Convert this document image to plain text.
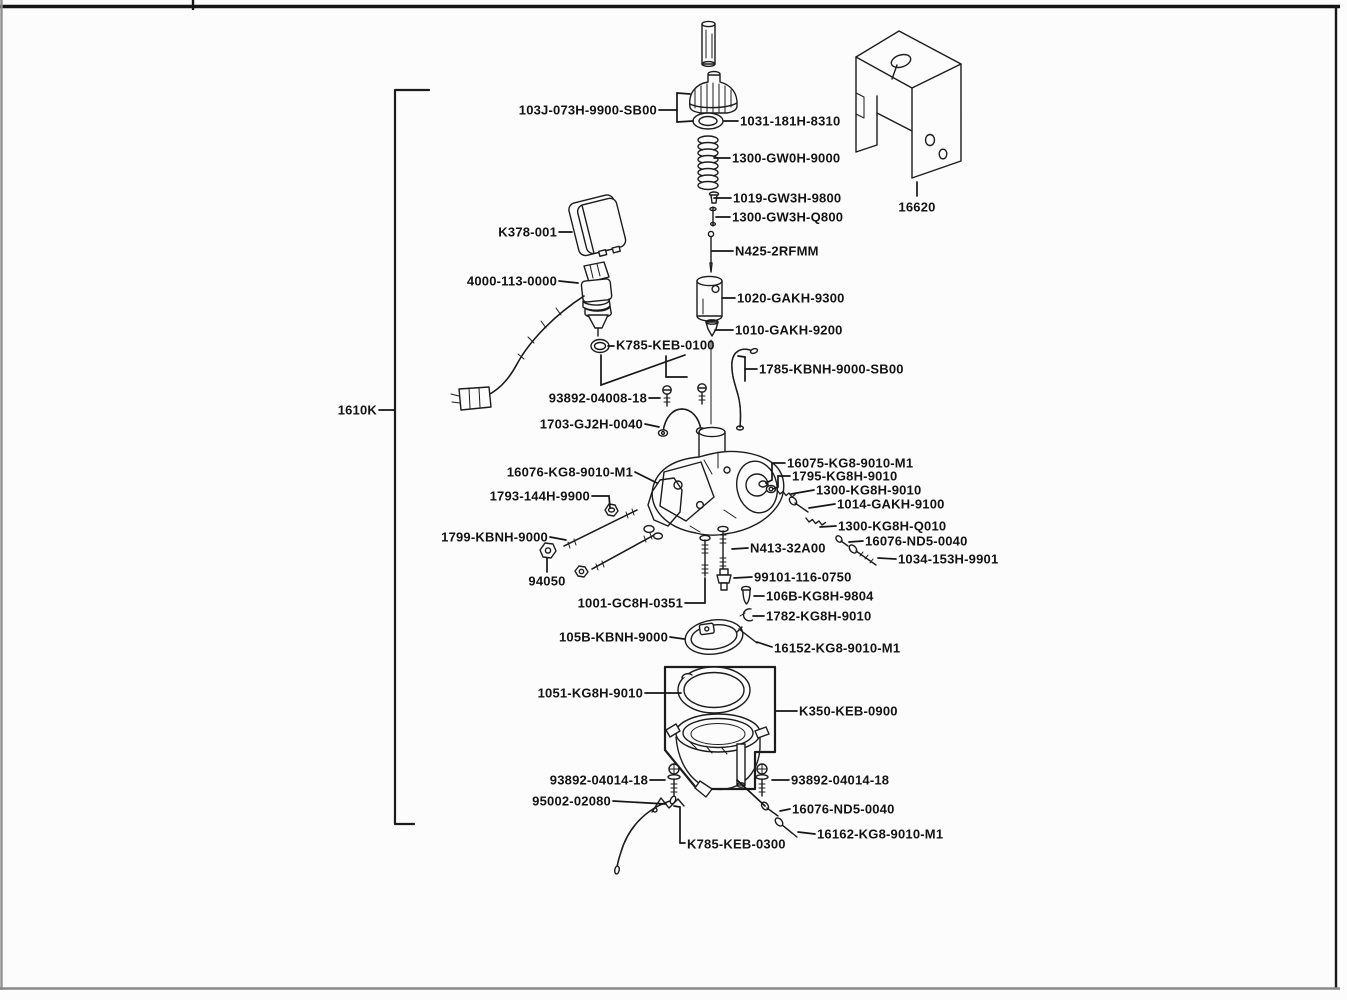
103J-073H-9900-SB00
1031-181H-8310
1300-GW0H-9000
1019-GW3H-9800
1300-GW3H-Q800
N425-2RFMM
1020-GAKH-9300
1010-GAKH-9200
K378-001
4000-113-0000
K785-KEB-0100
1785-KBNH-9000-SB00
93892-04008-18
1703-GJ2H-0040
16076-KG8-9010-M1
1793-144H-9900
1799-KBNH-9000
94050
1001-GC8H-0351
N413-32A00
99101-116-0750
106B-KG8H-9804
1782-KG8H-9010
105B-KBNH-9000
16152-KG8-9010-M1
16075-KG8-9010-M1
1795-KG8H-9010
1300-KG8H-9010
1014-GAKH-9100
1300-KG8H-Q010
16076-ND5-0040
1034-153H-9901
1051-KG8H-9010
K350-KEB-0900
93892-04014-18	93892-04014-18
95002-02080
16076-ND5-0040
16162-KG8-9010-M1
K785-KEB-0300
16620
1610K
